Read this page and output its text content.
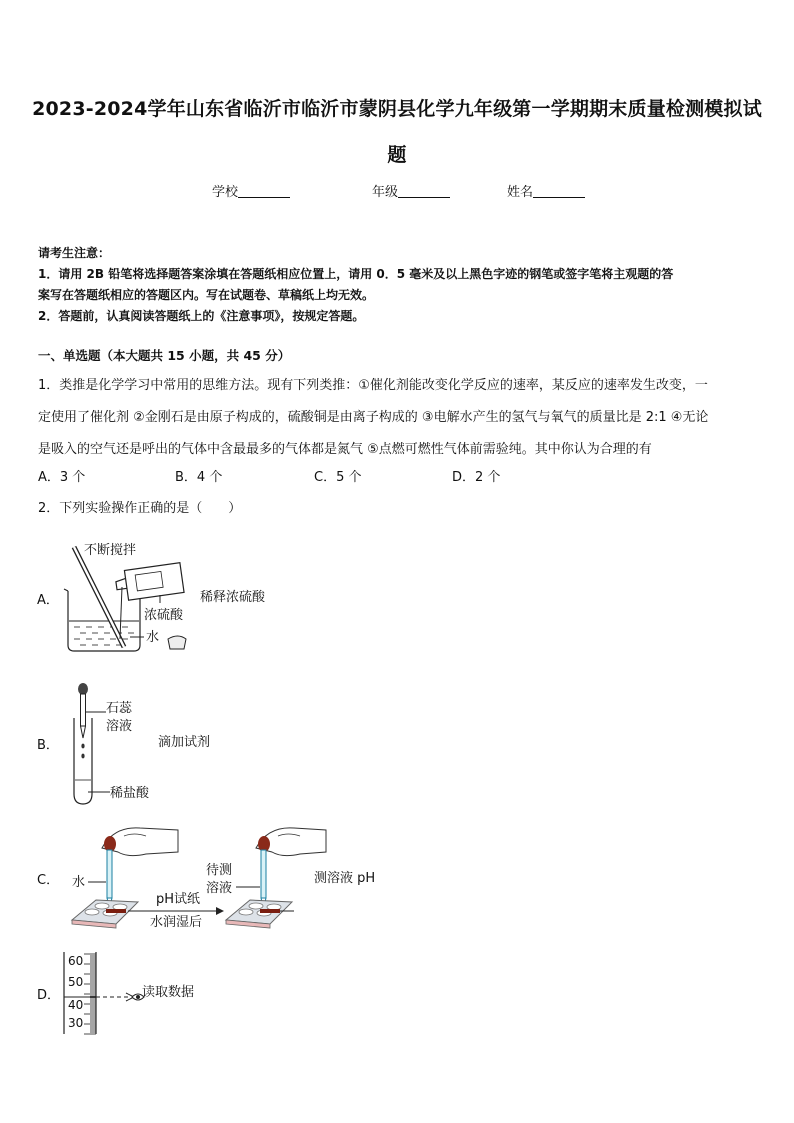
2023-2024学年山东省临沂市临沂市蒙阴县化学九年级第一学期期末质量检测模拟试
题
学校	年级	姓名
请考生注意：
1．请用 2B 铅笔将选择题答案涂填在答题纸相应位置上，请用 0．5 毫米及以上黑色字迹的钢笔或签字笔将主观题的答
案写在答题纸相应的答题区内。写在试题卷、草稿纸上均无效。
2．答题前，认真阅读答题纸上的《注意事项》，按规定答题。
一、单选题（本大题共 15 小题，共 45 分）
1．类推是化学学习中常用的思维方法。现有下列类推：①催化剂能改变化学反应的速率，某反应的速率发生改变，一
定使用了催化剂 ②金刚石是由原子构成的，硫酸铜是由离子构成的 ③电解水产生的氢气与氧气的质量比是 2:1 ④无论
是吸入的空气还是呼出的气体中含最最多的气体都是氮气 ⑤点燃可燃性气体前需验纯。其中你认为合理的有
A．3 个	B．4 个	C．5 个	D．2 个
2．下列实验操作正确的是（　　）
A．
不断搅拌
稀释浓硫酸
浓硫酸
水
B．
石蕊
溶液
滴加试剂
稀盐酸
C． 水
pH试纸
水润湿后
待测
溶液
测溶液 pH
D．
60
50
40
30
读取数据
